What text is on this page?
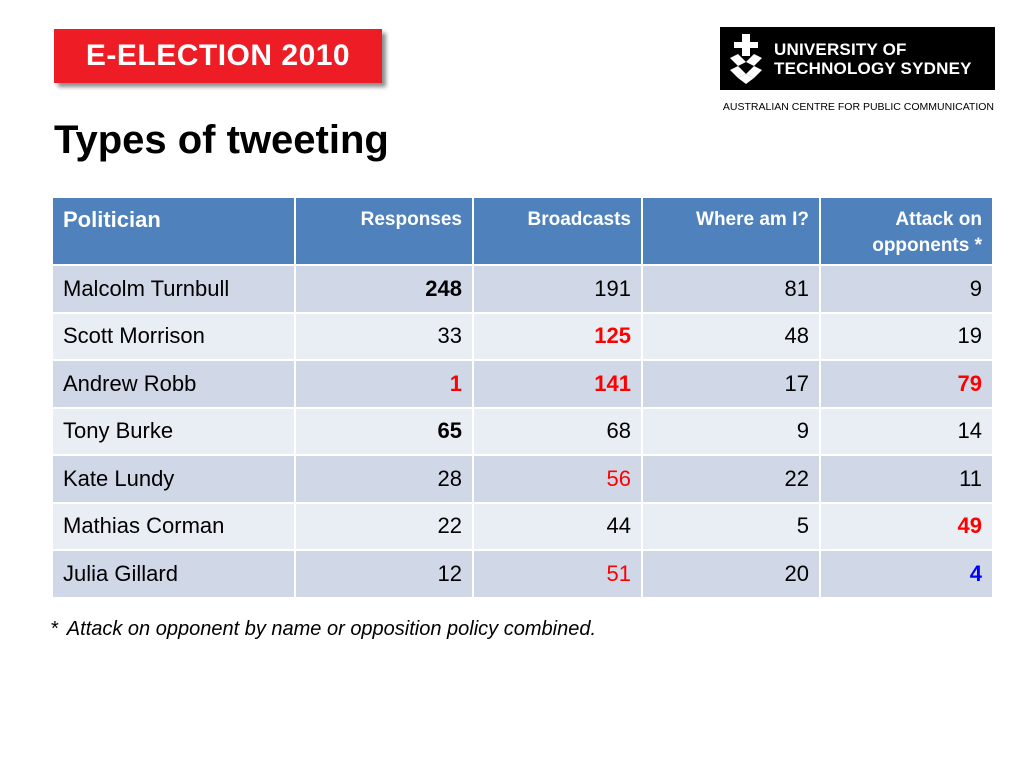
E-ELECTION 2010	UNIVERSITY OF
TECHNOLOGY SYDNEY
AUSTRALIAN CENTRE FOR PUBLIC COMMUNICATION
Types of tweeting
Politician	Responses	Broadcasts	Where am I?	Attack on opponents *
Malcolm Turnbull	248	191	81	9
Scott Morrison	33	125	48	19
Andrew Robb	1	141	17	79
Tony Burke	65	68	9	14
Kate Lundy	28	56	22	11
Mathias Corman	22	44	5	49
Julia Gillard	12	51	20	4
* Attack on opponent by name or opposition policy combined.
